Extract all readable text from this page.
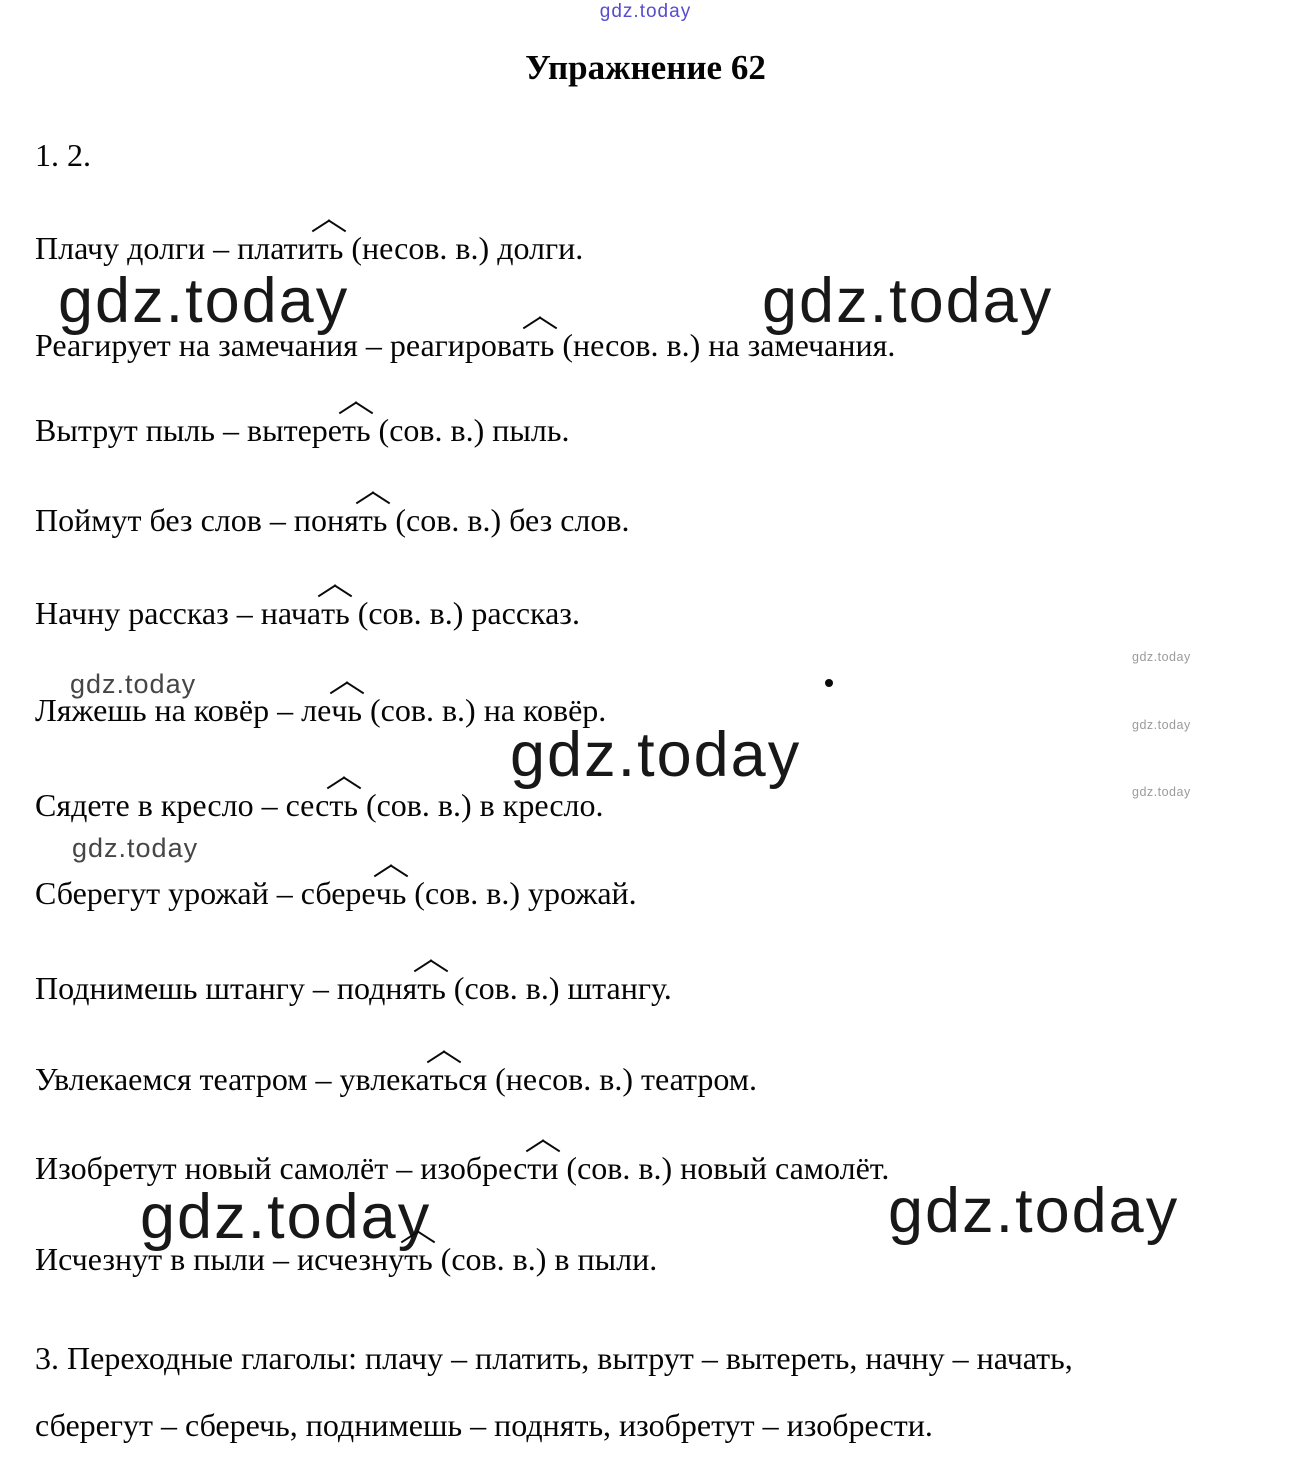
gdz.today
gdz.today	gdz.today
gdz.today
gdz.today	gdz.today
gdz.today
gdz.today
gdz.today
gdz.today
gdz.today
Упражнение 62

1. 2.

Плачу долги – плати
ть (несов. в.) долги.

Реагирует на замечания – реагирова
ть (несов. в.) на замечания.

Вытрут пыль – вытере
ть (сов. в.) пыль.

Поймут без слов – поня
ть (сов. в.) без слов.

Начну рассказ – нача
ть (сов. в.) рассказ.

Ляжешь на ковёр – ле
чь (сов. в.) на ковёр.

Сядете в кресло – сес
ть (сов. в.) в кресло.

Сберегут урожай – сбере
чь (сов. в.) урожай.

Поднимешь штангу – подня
ть (сов. в.) штангу.

Увлекаемся театром – увлека
ться (несов. в.) театром.

Изобретут новый самолёт – изобрес
ти (сов. в.) новый самолёт.

Исчезнут в пыли – исчезну
ть (сов. в.) в пыли.

3. Переходные глаголы: плачу – платить, вытрут – вытереть, начну – начать,

сберегут – сберечь, поднимешь – поднять, изобретут – изобрести.
